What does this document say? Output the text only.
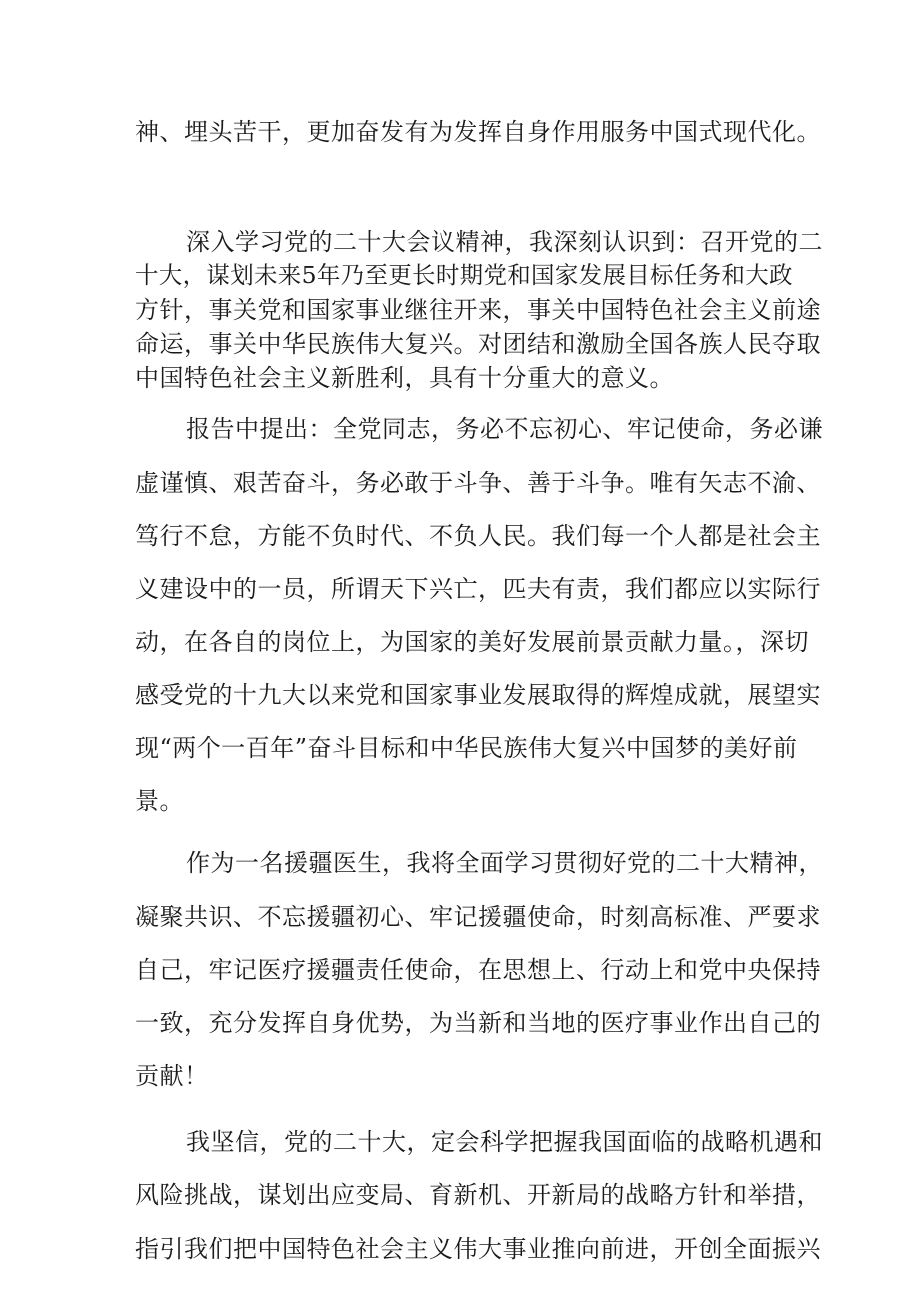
神、埋头苦干，更加奋发有为发挥自身作用服务中国式现代化。
深入学习党的二十大会议精神，我深刻认识到：召开党的二
十大，谋划未来5年乃至更长时期党和国家发展目标任务和大政
方针，事关党和国家事业继往开来，事关中国特色社会主义前途
命运，事关中华民族伟大复兴。对团结和激励全国各族人民夺取
中国特色社会主义新胜利，具有十分重大的意义。
报告中提出：全党同志，务必不忘初心、牢记使命，务必谦
虚谨慎、艰苦奋斗，务必敢于斗争、善于斗争。唯有矢志不渝、
笃行不怠，方能不负时代、不负人民。我们每一个人都是社会主
义建设中的一员，所谓天下兴亡，匹夫有责，我们都应以实际行
动，在各自的岗位上，为国家的美好发展前景贡献力量。，深切
感受党的十九大以来党和国家事业发展取得的辉煌成就，展望实
现“两个一百年”奋斗目标和中华民族伟大复兴中国梦的美好前
景。
作为一名援疆医生，我将全面学习贯彻好党的二十大精神，
凝聚共识、不忘援疆初心、牢记援疆使命，时刻高标准、严要求
自己，牢记医疗援疆责任使命，在思想上、行动上和党中央保持
一致，充分发挥自身优势，为当新和当地的医疗事业作出自己的
贡献！
我坚信，党的二十大，定会科学把握我国面临的战略机遇和
风险挑战，谋划出应变局、育新机、开新局的战略方针和举措，
指引我们把中国特色社会主义伟大事业推向前进，开创全面振兴
